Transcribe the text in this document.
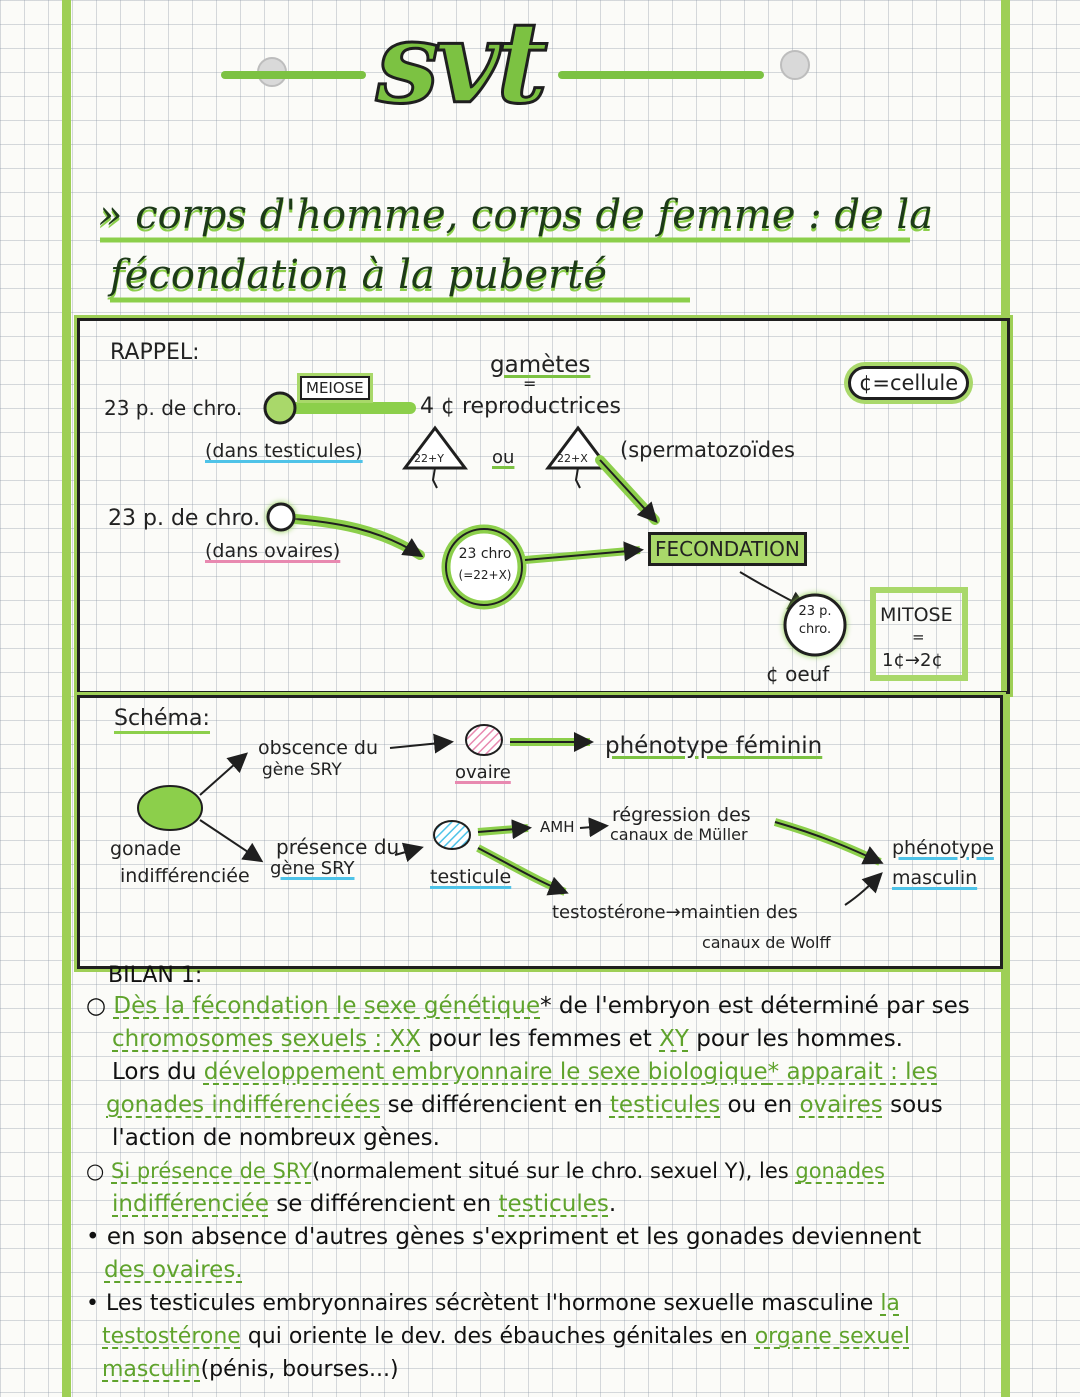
svt
» corps d'homme, corps de femme : de la
fécondation à la puberté
RAPPEL:
23 p. de chro.
MEIOSE
(dans testicules)
23 p. de chro.
(dans ovaires)
gamètes
=
4 ¢ reproductrices
22+Y	ou	22+X (spermatozoïdes
23 chro
(=22+X)
FECONDATION
¢=cellule
23 p.
chro.
¢ oeuf
MITOSE
=
1¢→2¢
Schéma:
obscence du
gène SRY	ovaire
phénotype féminin
gonade
indifférenciée
présence du
gène SRY	testicule
AMH
régression des
canaux de Müller
testostérone→maintien des
canaux de Wolff
phénotype
masculin
BILAN 1:
○ Dès la fécondation le sexe génétique* de l'embryon est déterminé par ses
chromosomes sexuels : XX pour les femmes et XY pour les hommes.
Lors du développement embryonnaire le sexe biologique* apparait : les
gonades indifférenciées se différencient en testicules ou en ovaires sous
l'action de nombreux gènes.
○ Si présence de SRY(normalement situé sur le chro. sexuel Y), les gonades
indifférenciée se différencient en testicules.
• en son absence d'autres gènes s'expriment et les gonades deviennent
des ovaires.
• Les testicules embryonnaires sécrètent l'hormone sexuelle masculine la
testostérone qui oriente le dev. des ébauches génitales en organe sexuel
masculin(pénis, bourses...)
